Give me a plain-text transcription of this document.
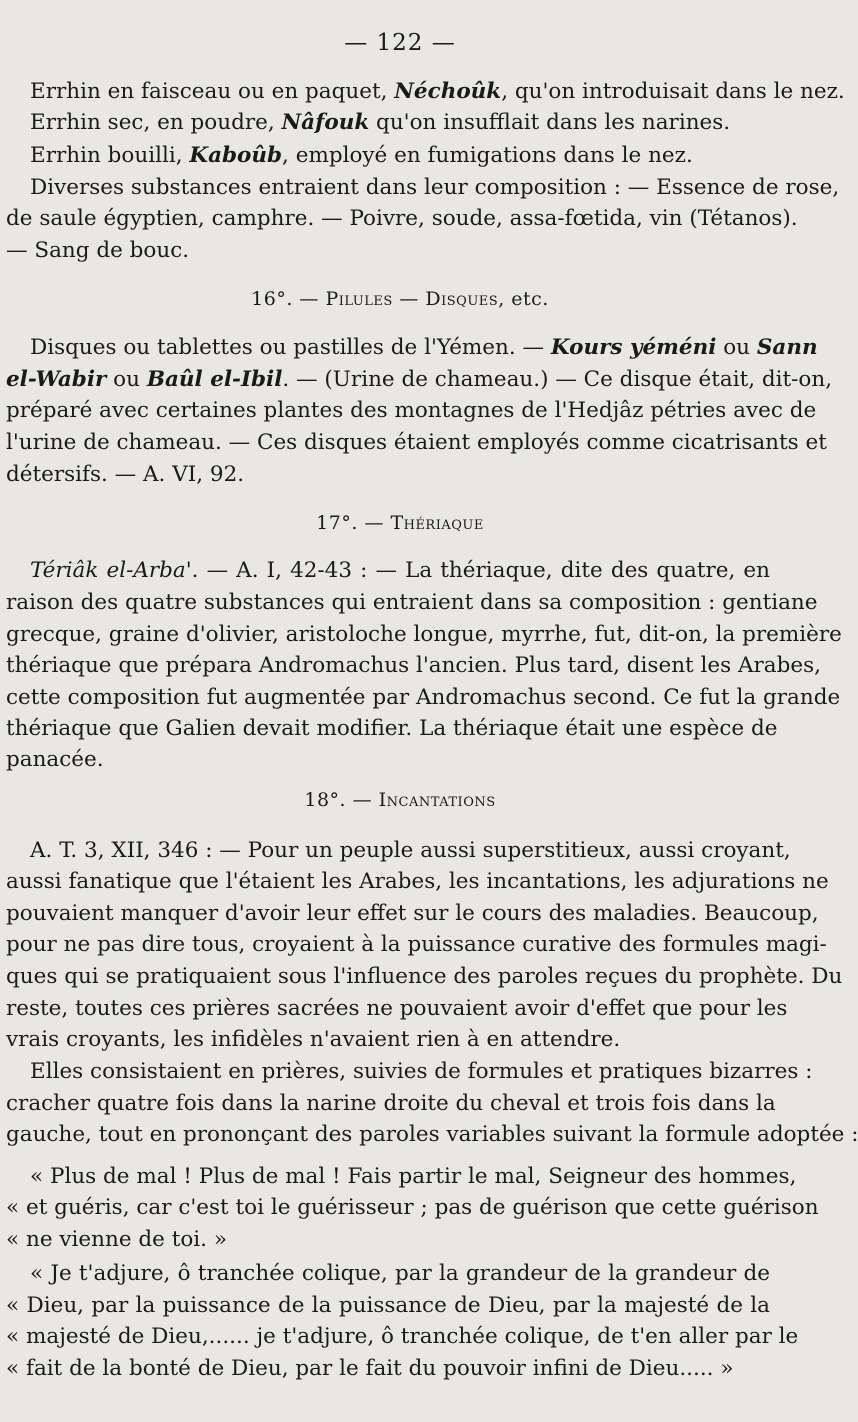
— 122 —
Errhin en faisceau ou en paquet, Néchoûk, qu'on introduisait dans le nez.
Errhin sec, en poudre, Nâfouk qu'on insufflait dans les narines.
Errhin bouilli, Kaboûb, employé en fumigations dans le nez.
Diverses substances entraient dans leur composition : — Essence de rose,
de saule égyptien, camphre. — Poivre, soude, assa-fœtida, vin (Tétanos).
— Sang de bouc.
16°. — Pilules — Disques, etc.
Disques ou tablettes ou pastilles de l'Yémen. — Kours yéméni ou Sann
el-Wabir ou Baûl el-Ibil. — (Urine de chameau.) — Ce disque était, dit-on,
préparé avec certaines plantes des montagnes de l'Hedjâz pétries avec de
l'urine de chameau. — Ces disques étaient employés comme cicatrisants et
détersifs. — A. VI, 92.
17°. — Thériaque
Tériâk el-Arba'. — A. I, 42-43 : — La thériaque, dite des quatre, en
raison des quatre substances qui entraient dans sa composition : gentiane
grecque, graine d'olivier, aristoloche longue, myrrhe, fut, dit-on, la première
thériaque que prépara Andromachus l'ancien. Plus tard, disent les Arabes,
cette composition fut augmentée par Andromachus second. Ce fut la grande
thériaque que Galien devait modifier. La thériaque était une espèce de
panacée.
18°. — Incantations
A. T. 3, XII, 346 : — Pour un peuple aussi superstitieux, aussi croyant,
aussi fanatique que l'étaient les Arabes, les incantations, les adjurations ne
pouvaient manquer d'avoir leur effet sur le cours des maladies. Beaucoup,
pour ne pas dire tous, croyaient à la puissance curative des formules magi-
ques qui se pratiquaient sous l'influence des paroles reçues du prophète. Du
reste, toutes ces prières sacrées ne pouvaient avoir d'effet que pour les
vrais croyants, les infidèles n'avaient rien à en attendre.
Elles consistaient en prières, suivies de formules et pratiques bizarres :
cracher quatre fois dans la narine droite du cheval et trois fois dans la
gauche, tout en prononçant des paroles variables suivant la formule adoptée :
« Plus de mal ! Plus de mal ! Fais partir le mal, Seigneur des hommes,
« et guéris, car c'est toi le guérisseur ; pas de guérison que cette guérison
« ne vienne de toi. »
« Je t'adjure, ô tranchée colique, par la grandeur de la grandeur de
« Dieu, par la puissance de la puissance de Dieu, par la majesté de la
« majesté de Dieu,...... je t'adjure, ô tranchée colique, de t'en aller par le
« fait de la bonté de Dieu, par le fait du pouvoir infini de Dieu..... »
